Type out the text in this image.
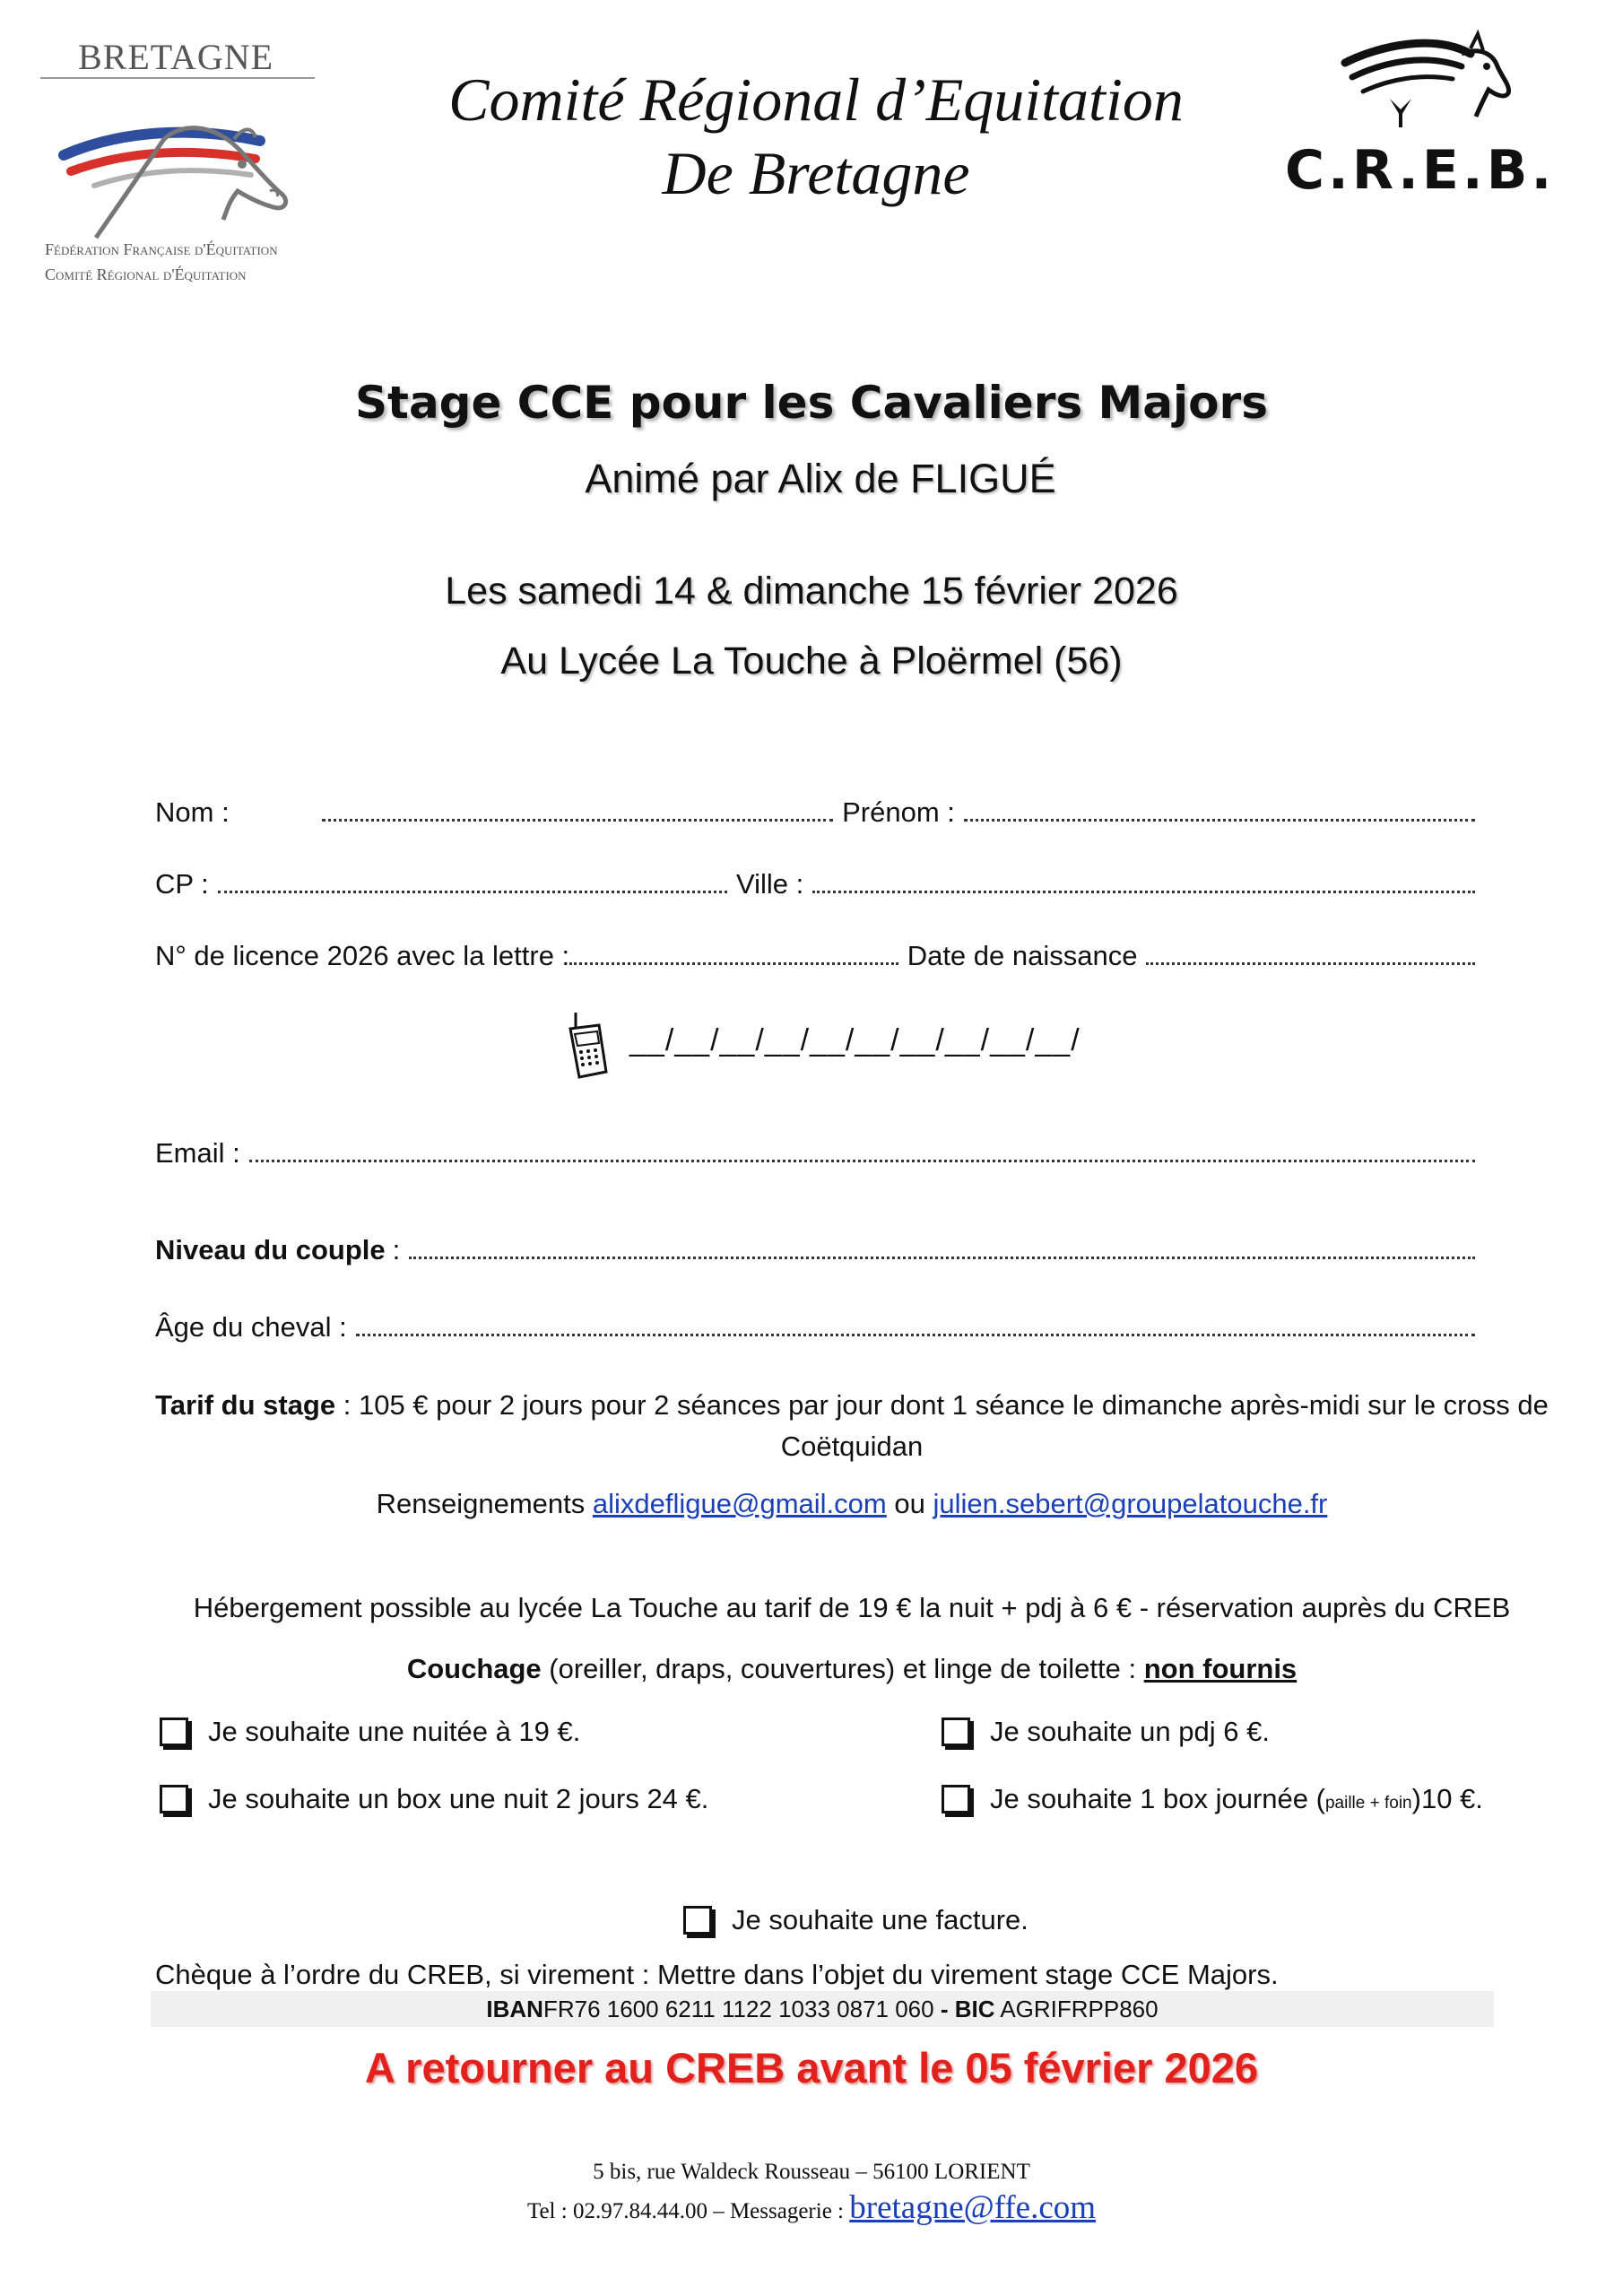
BRETAGNE
Fédération Française d'Équitation
Comité Régional d'Équitation
Comité Régional d’Equitation
De Bretagne	C.R.E.B.
Stage CCE pour les Cavaliers Majors
Animé par Alix de FLIGUÉ
Les samedi 14 & dimanche 15 février 2026
Au Lycée La Touche à Ploërmel (56)
Nom :	Prénom :
CP :	Ville :
N° de licence 2026 avec la lettre :	Date de naissance
__/__/__/__/__/__/__/__/__/__/
Email :
Niveau du couple :
Âge du cheval :
Tarif du stage : 105 € pour 2 jours pour 2 séances par jour dont 1 séance le dimanche après-midi sur le cross de Coëtquidan
Renseignements alixdefligue@gmail.com ou julien.sebert@groupelatouche.fr
Hébergement possible au lycée La Touche au tarif de 19 € la nuit + pdj à 6 € - réservation auprès du CREB
Couchage (oreiller, draps, couvertures) et linge de toilette : non fournis
Je souhaite une nuitée à 19 €.	Je souhaite un pdj 6 €.
Je souhaite un box une nuit 2 jours 24 €.	Je souhaite 1 box journée (paille + foin)10 €.
Je souhaite une facture.
Chèque à l’ordre du CREB, si virement : Mettre dans l’objet du virement stage CCE Majors.
IBANFR76 1600 6211 1122 1033 0871 060 - BIC AGRIFRPP860
A retourner au CREB avant le 05 février 2026
5 bis, rue Waldeck Rousseau – 56100 LORIENT
Tel : 02.97.84.44.00 – Messagerie : bretagne@ffe.com
